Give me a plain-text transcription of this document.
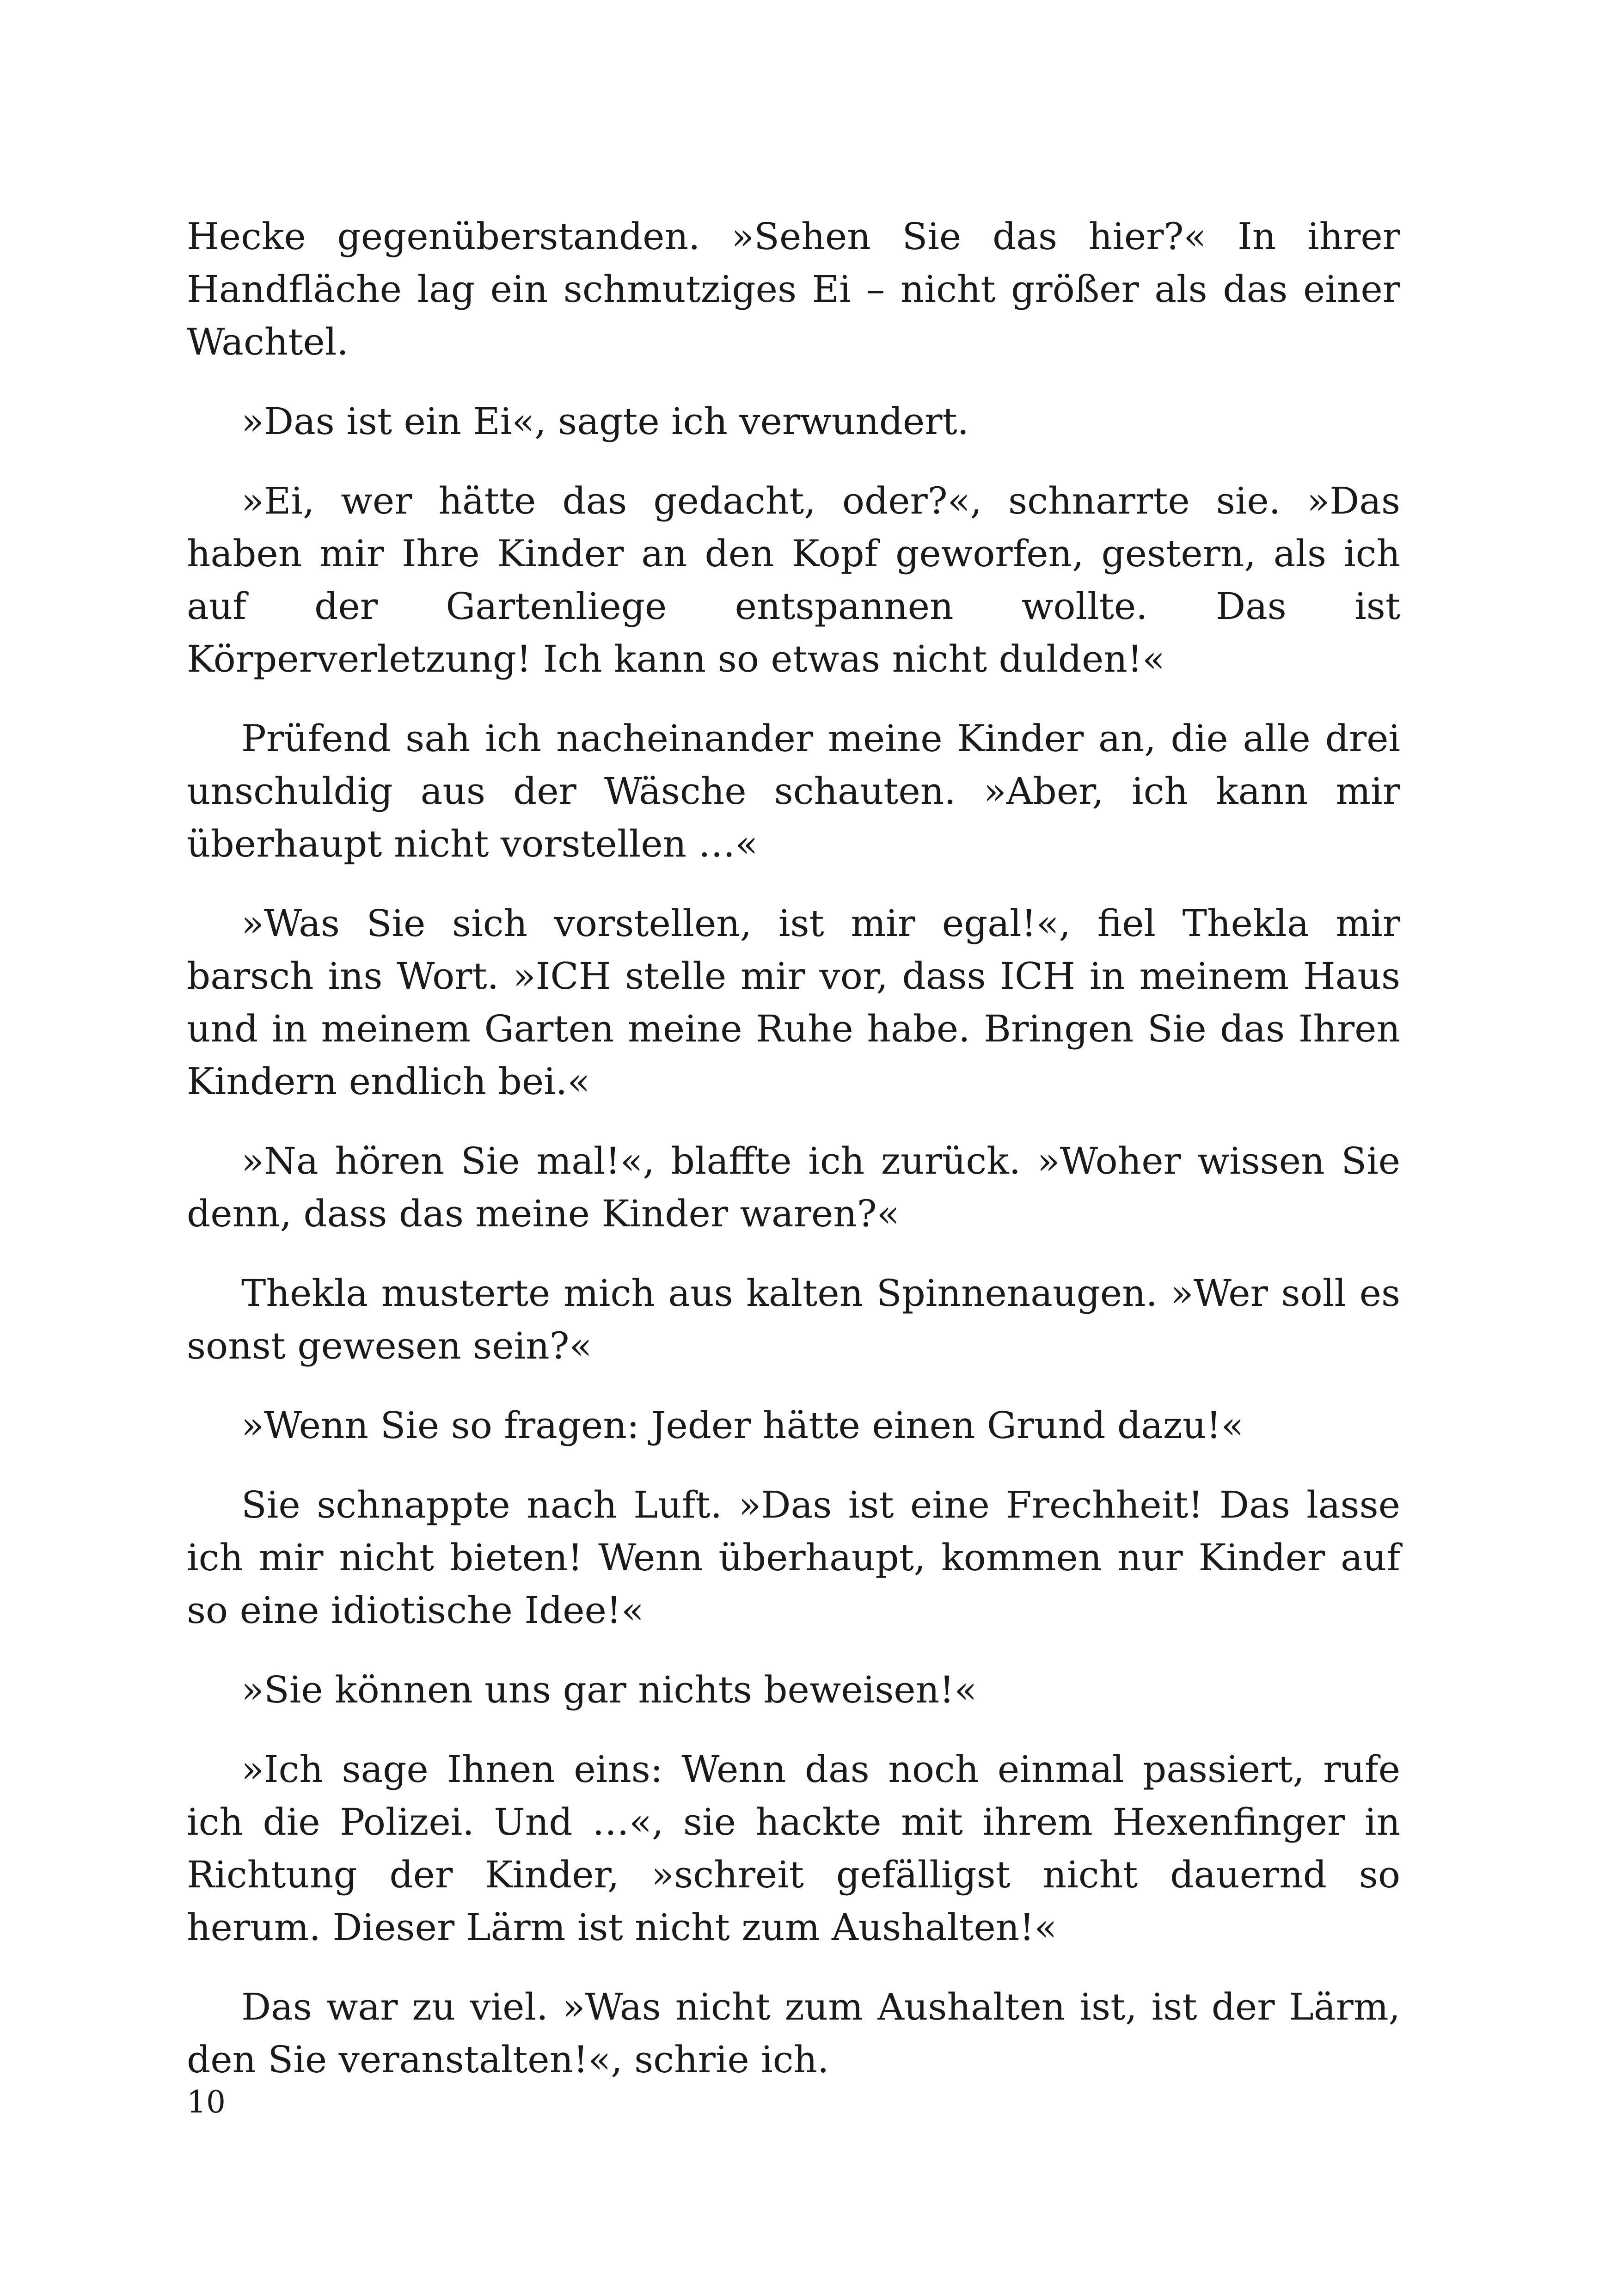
Hecke gegenüberstanden. »Sehen Sie das hier?« In ihrer Handfläche lag ein schmutziges Ei – nicht größer als das einer Wachtel.

»Das ist ein Ei«, sagte ich verwundert.

»Ei, wer hätte das gedacht, oder?«, schnarrte sie. »Das haben mir Ihre Kinder an den Kopf geworfen, gestern, als ich auf der Gartenliege entspannen wollte. Das ist Körperverletzung! Ich kann so etwas nicht dulden!«

Prüfend sah ich nacheinander meine Kinder an, die alle drei unschuldig aus der Wäsche schauten. »Aber, ich kann mir überhaupt nicht vorstellen …«

»Was Sie sich vorstellen, ist mir egal!«, fiel Thekla mir barsch ins Wort. »ICH stelle mir vor, dass ICH in meinem Haus und in meinem Garten meine Ruhe habe. Bringen Sie das Ihren Kindern endlich bei.«

»Na hören Sie mal!«, blaffte ich zurück. »Woher wissen Sie denn, dass das meine Kinder waren?«

Thekla musterte mich aus kalten Spinnenaugen. »Wer soll es sonst gewesen sein?«

»Wenn Sie so fragen: Jeder hätte einen Grund dazu!«

Sie schnappte nach Luft. »Das ist eine Frechheit! Das lasse ich mir nicht bieten! Wenn überhaupt, kommen nur Kinder auf so eine idiotische Idee!«

»Sie können uns gar nichts beweisen!«

»Ich sage Ihnen eins: Wenn das noch einmal passiert, rufe ich die Polizei. Und …«, sie hackte mit ihrem Hexenfinger in Richtung der Kinder, »schreit gefälligst nicht dauernd so herum. Dieser Lärm ist nicht zum Aushalten!«

Das war zu viel. »Was nicht zum Aushalten ist, ist der Lärm, den Sie veranstalten!«, schrie ich.

10
